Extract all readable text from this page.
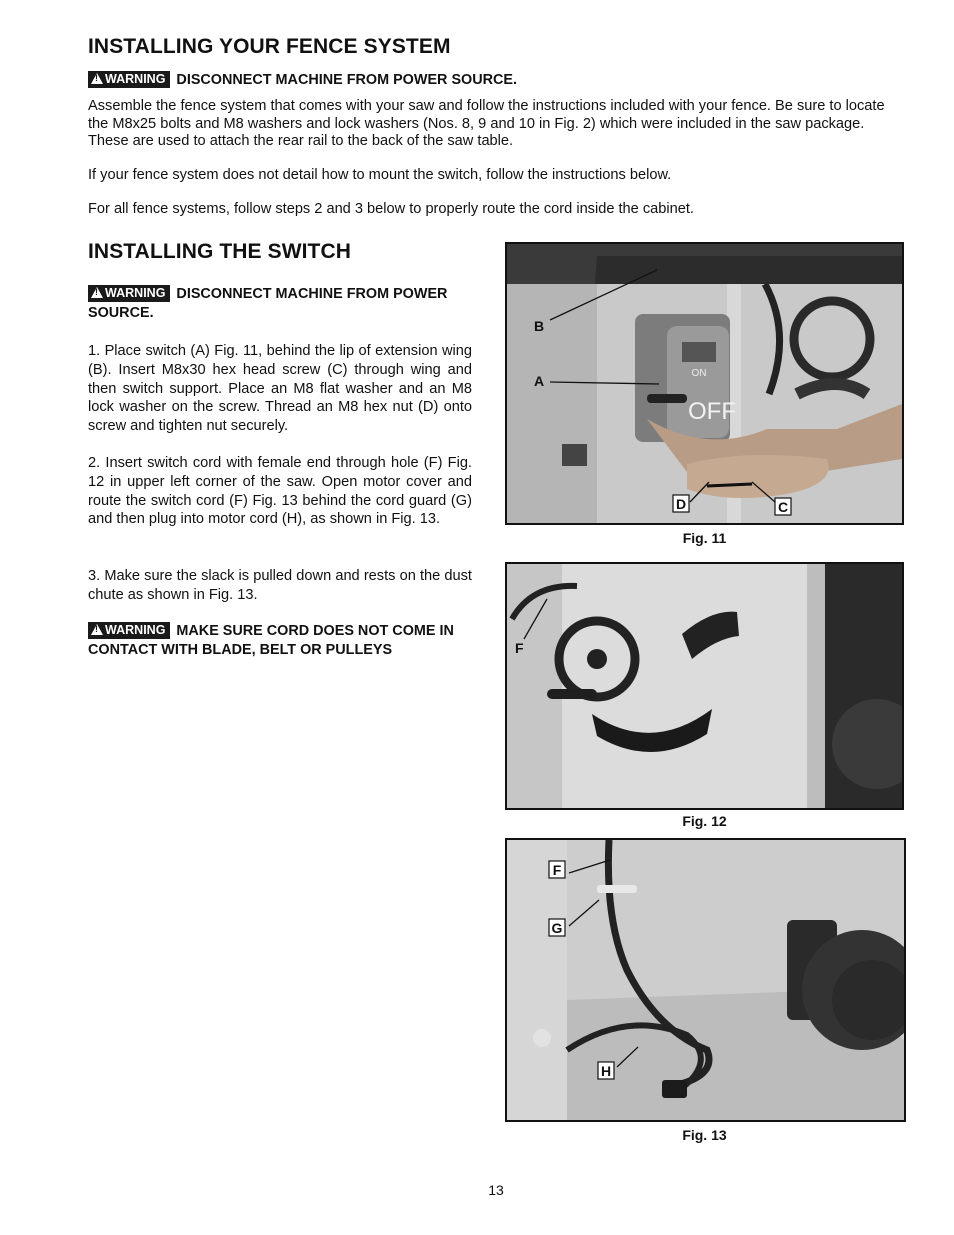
INSTALLING YOUR FENCE SYSTEM
!WARNING DISCONNECT MACHINE FROM POWER SOURCE.

Assemble the fence system that comes with your saw and follow the instructions included with your fence. Be sure to locate the M8x25 bolts and M8 washers and lock washers (Nos. 8, 9 and 10 in Fig. 2) which were included in the saw package. These are used to attach the rear rail to the back of the saw table.

If your fence system does not detail how to mount the switch, follow the instructions below.

For all fence systems, follow steps 2 and 3 below to properly route the cord inside the cabinet.

INSTALLING THE SWITCH
!WARNING DISCONNECT MACHINE FROM POWER SOURCE.

1. Place switch (A) Fig. 11, behind the lip of extension wing (B). Insert M8x30 hex head screw (C) through wing and then switch support. Place an M8 flat washer and an M8 lock washer on the screw. Thread an M8 hex nut (D) onto screw and tighten nut securely.

2. Insert switch cord with female end through hole (F) Fig. 12 in upper left corner of the saw. Open motor cover and route the switch cord (F) Fig. 13 behind the cord guard (G) and then plug into motor cord (H), as shown in Fig. 13.

3. Make sure the slack is pulled down and rests on the dust chute as shown in Fig. 13.

!WARNING MAKE SURE CORD DOES NOT COME IN CONTACT WITH BLADE, BELT OR PULLEYS
ON
OFF
B
A
D	C
Fig. 11
F
Fig. 12
F
G
H
Fig. 13
13
